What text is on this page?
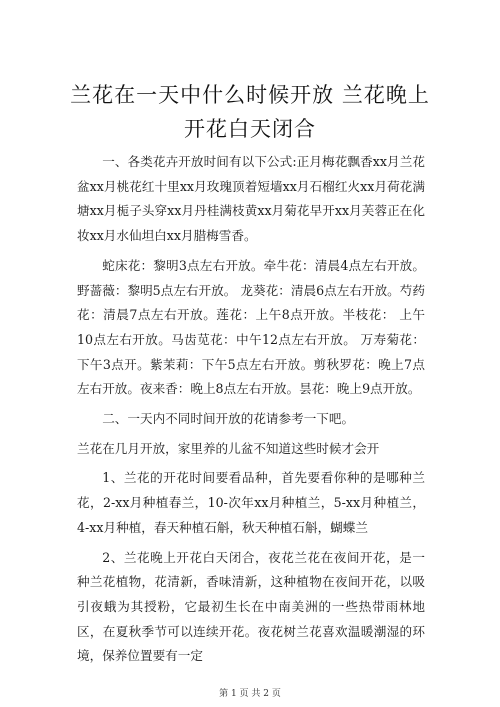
兰花在一天中什么时候开放 兰花晚上开花白天闭合

一、各类花卉开放时间有以下公式:正月梅花飘香xx月兰花盆xx月桃花红十里xx月玫瑰顶着短墙xx月石榴红火xx月荷花满塘xx月栀子头穿xx月丹桂满枝黄xx月菊花早开xx月芙蓉正在化妆xx月水仙坦白xx月腊梅雪香。

蛇床花：黎明3点左右开放。牵牛花：清晨4点左右开放。野蔷薇：黎明5点左右开放。 龙葵花：清晨6点左右开放。芍药花：清晨7点左右开放。莲花：上午8点开放。半枝花： 上午10点左右开放。马齿苋花：中午12点左右开放。 万寿菊花：下午3点开。紫茉莉：下午5点左右开放。剪秋罗花：晚上7点左右开放。夜来香：晚上8点左右开放。昙花：晚上9点开放。

二、一天内不同时间开放的花请参考一下吧。

兰花在几月开放，家里养的儿盆不知道这些时候才会开

1、兰花的开花时间要看品种，首先要看你种的是哪种兰花，2-xx月种植春兰，10-次年xx月种植兰，5-xx月种植兰，4-xx月种植，春天种植石斛，秋天种植石斛，蝴蝶兰

2、兰花晚上开花白天闭合，夜花兰花在夜间开花，是一种兰花植物，花清新，香味清新，这种植物在夜间开花，以吸引夜蛾为其授粉，它最初生长在中南美洲的一些热带雨林地区，在夏秋季节可以连续开花。夜花树兰花喜欢温暖潮湿的环境，保养位置要有一定

第 1 页 共 2 页
